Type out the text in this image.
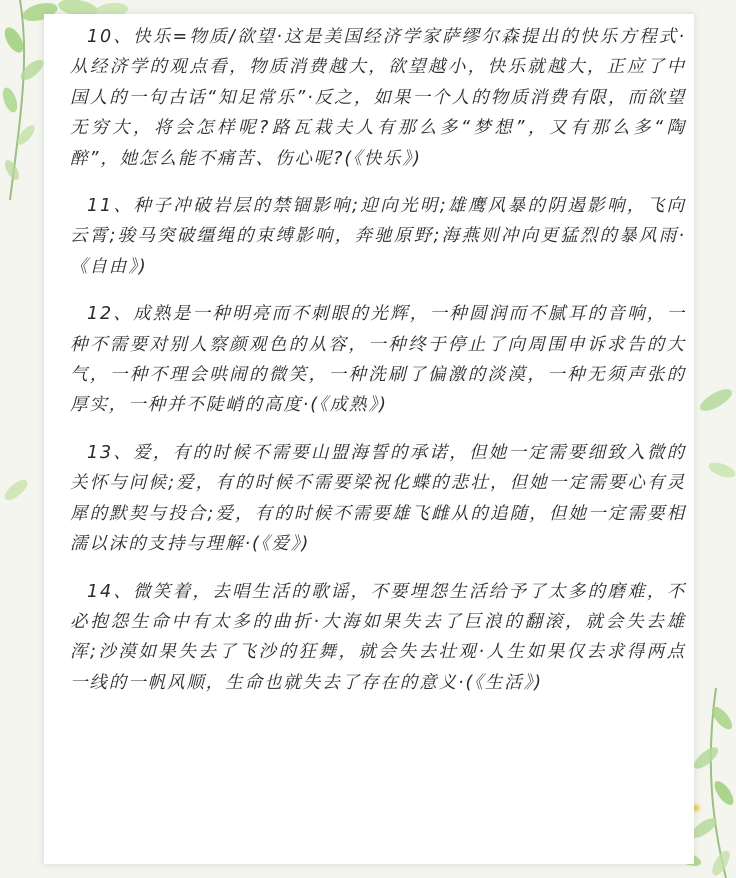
10、快乐=物质/欲望·这是美国经济学家萨缪尔森提出的快乐方程式·从经济学的观点看，物质消费越大，欲望越小，快乐就越大，正应了中国人的一句古话“知足常乐”·反之，如果一个人的物质消费有限，而欲望无穷大，将会怎样呢?路瓦栽夫人有那么多“梦想”，又有那么多“陶醉”，她怎么能不痛苦、伤心呢?(《快乐》)

11、种子冲破岩层的禁锢影响;迎向光明;雄鹰风暴的阴遏影响，飞向云霄;骏马突破缰绳的束缚影响，奔驰原野;海燕则冲向更猛烈的暴风雨·《自由》)

12、成熟是一种明亮而不刺眼的光辉，一种圆润而不腻耳的音响，一种不需要对别人察颜观色的从容，一种终于停止了向周围申诉求告的大气，一种不理会哄闹的微笑，一种洗刷了偏激的淡漠，一种无须声张的厚实，一种并不陡峭的高度·(《成熟》)

13、爱，有的时候不需要山盟海誓的承诺，但她一定需要细致入微的关怀与问候;爱，有的时候不需要梁祝化蝶的悲壮，但她一定需要心有灵犀的默契与投合;爱，有的时候不需要雄飞雌从的追随，但她一定需要相濡以沫的支持与理解·(《爱》)

14、微笑着，去唱生活的歌谣，不要埋怨生活给予了太多的磨难，不必抱怨生命中有太多的曲折·大海如果失去了巨浪的翻滚，就会失去雄浑;沙漠如果失去了飞沙的狂舞，就会失去壮观·人生如果仅去求得两点一线的一帆风顺，生命也就失去了存在的意义·(《生活》)
